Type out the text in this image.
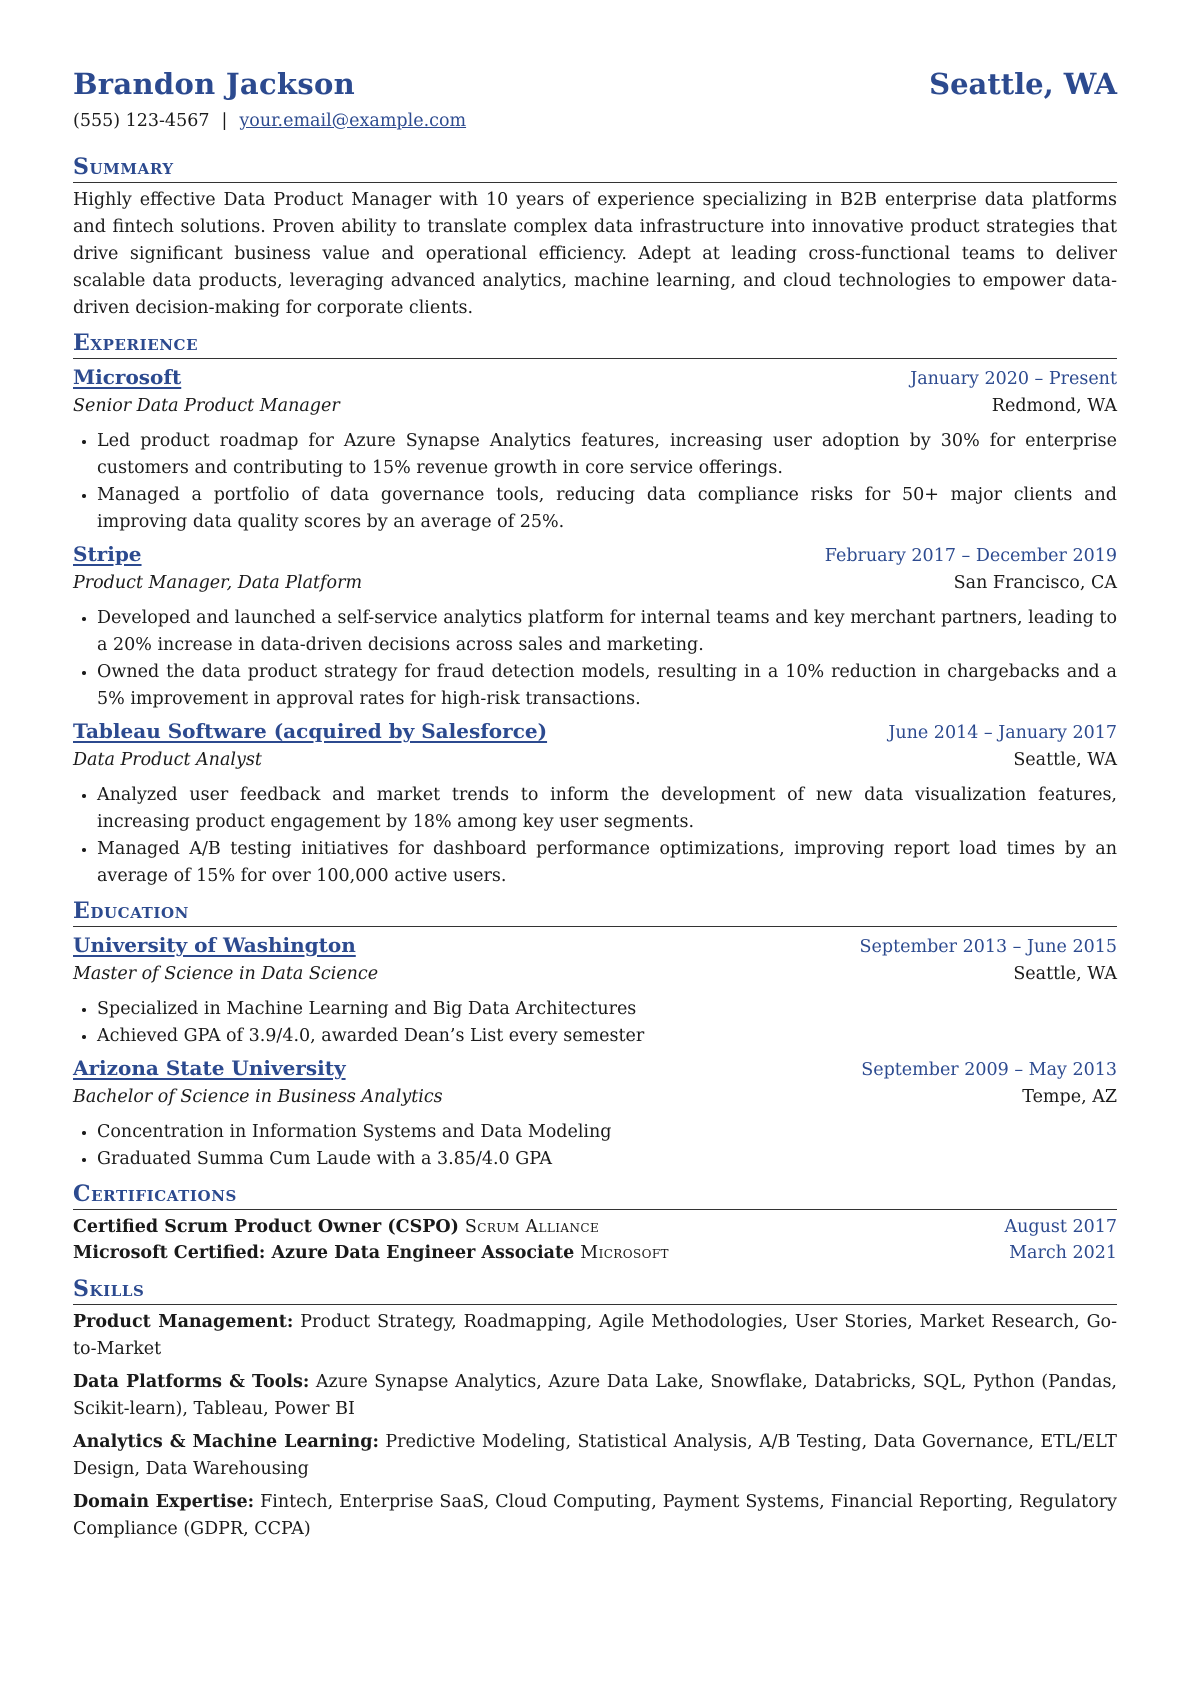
Brandon Jackson	Seattle, WA
(555) 123-4567 | your.email@example.com
Summary
Highly effective Data Product Manager with 10 years of experience specializing in B2B enterprise data platforms and fintech solutions. Proven ability to translate complex data infrastructure into innovative product strategies that drive significant business value and operational efficiency. Adept at leading cross-functional teams to deliver scalable data products, leveraging advanced analytics, machine learning, and cloud technologies to empower data-driven decision-making for corporate clients.
Experience
Microsoft	January 2020 – Present
Senior Data Product Manager	Redmond, WA
• Led product roadmap for Azure Synapse Analytics features, increasing user adoption by 30% for enterprise customers and contributing to 15% revenue growth in core service offerings.
• Managed a portfolio of data governance tools, reducing data compliance risks for 50+ major clients and improving data quality scores by an average of 25%.
Stripe	February 2017 – December 2019
Product Manager, Data Platform	San Francisco, CA
• Developed and launched a self-service analytics platform for internal teams and key merchant partners, leading to a 20% increase in data-driven decisions across sales and marketing.
• Owned the data product strategy for fraud detection models, resulting in a 10% reduction in chargebacks and a 5% improvement in approval rates for high-risk transactions.
Tableau Software (acquired by Salesforce)	June 2014 – January 2017
Data Product Analyst	Seattle, WA
• Analyzed user feedback and market trends to inform the development of new data visualization features, increasing product engagement by 18% among key user segments.
• Managed A/B testing initiatives for dashboard performance optimizations, improving report load times by an average of 15% for over 100,000 active users.
Education
University of Washington	September 2013 – June 2015
Master of Science in Data Science	Seattle, WA
• Specialized in Machine Learning and Big Data Architectures
• Achieved GPA of 3.9/4.0, awarded Dean’s List every semester
Arizona State University	September 2009 – May 2013
Bachelor of Science in Business Analytics	Tempe, AZ
• Concentration in Information Systems and Data Modeling
• Graduated Summa Cum Laude with a 3.85/4.0 GPA
Certifications
Certified Scrum Product Owner (CSPO) Scrum Alliance	August 2017
Microsoft Certified: Azure Data Engineer Associate Microsoft	March 2021
Skills
Product Management: Product Strategy, Roadmapping, Agile Methodologies, User Stories, Market Research, Go-to-Market
Data Platforms & Tools: Azure Synapse Analytics, Azure Data Lake, Snowflake, Databricks, SQL, Python (Pandas, Scikit-learn), Tableau, Power BI
Analytics & Machine Learning: Predictive Modeling, Statistical Analysis, A/B Testing, Data Governance, ETL/ELT Design, Data Warehousing
Domain Expertise: Fintech, Enterprise SaaS, Cloud Computing, Payment Systems, Financial Reporting, Regulatory Compliance (GDPR, CCPA)
